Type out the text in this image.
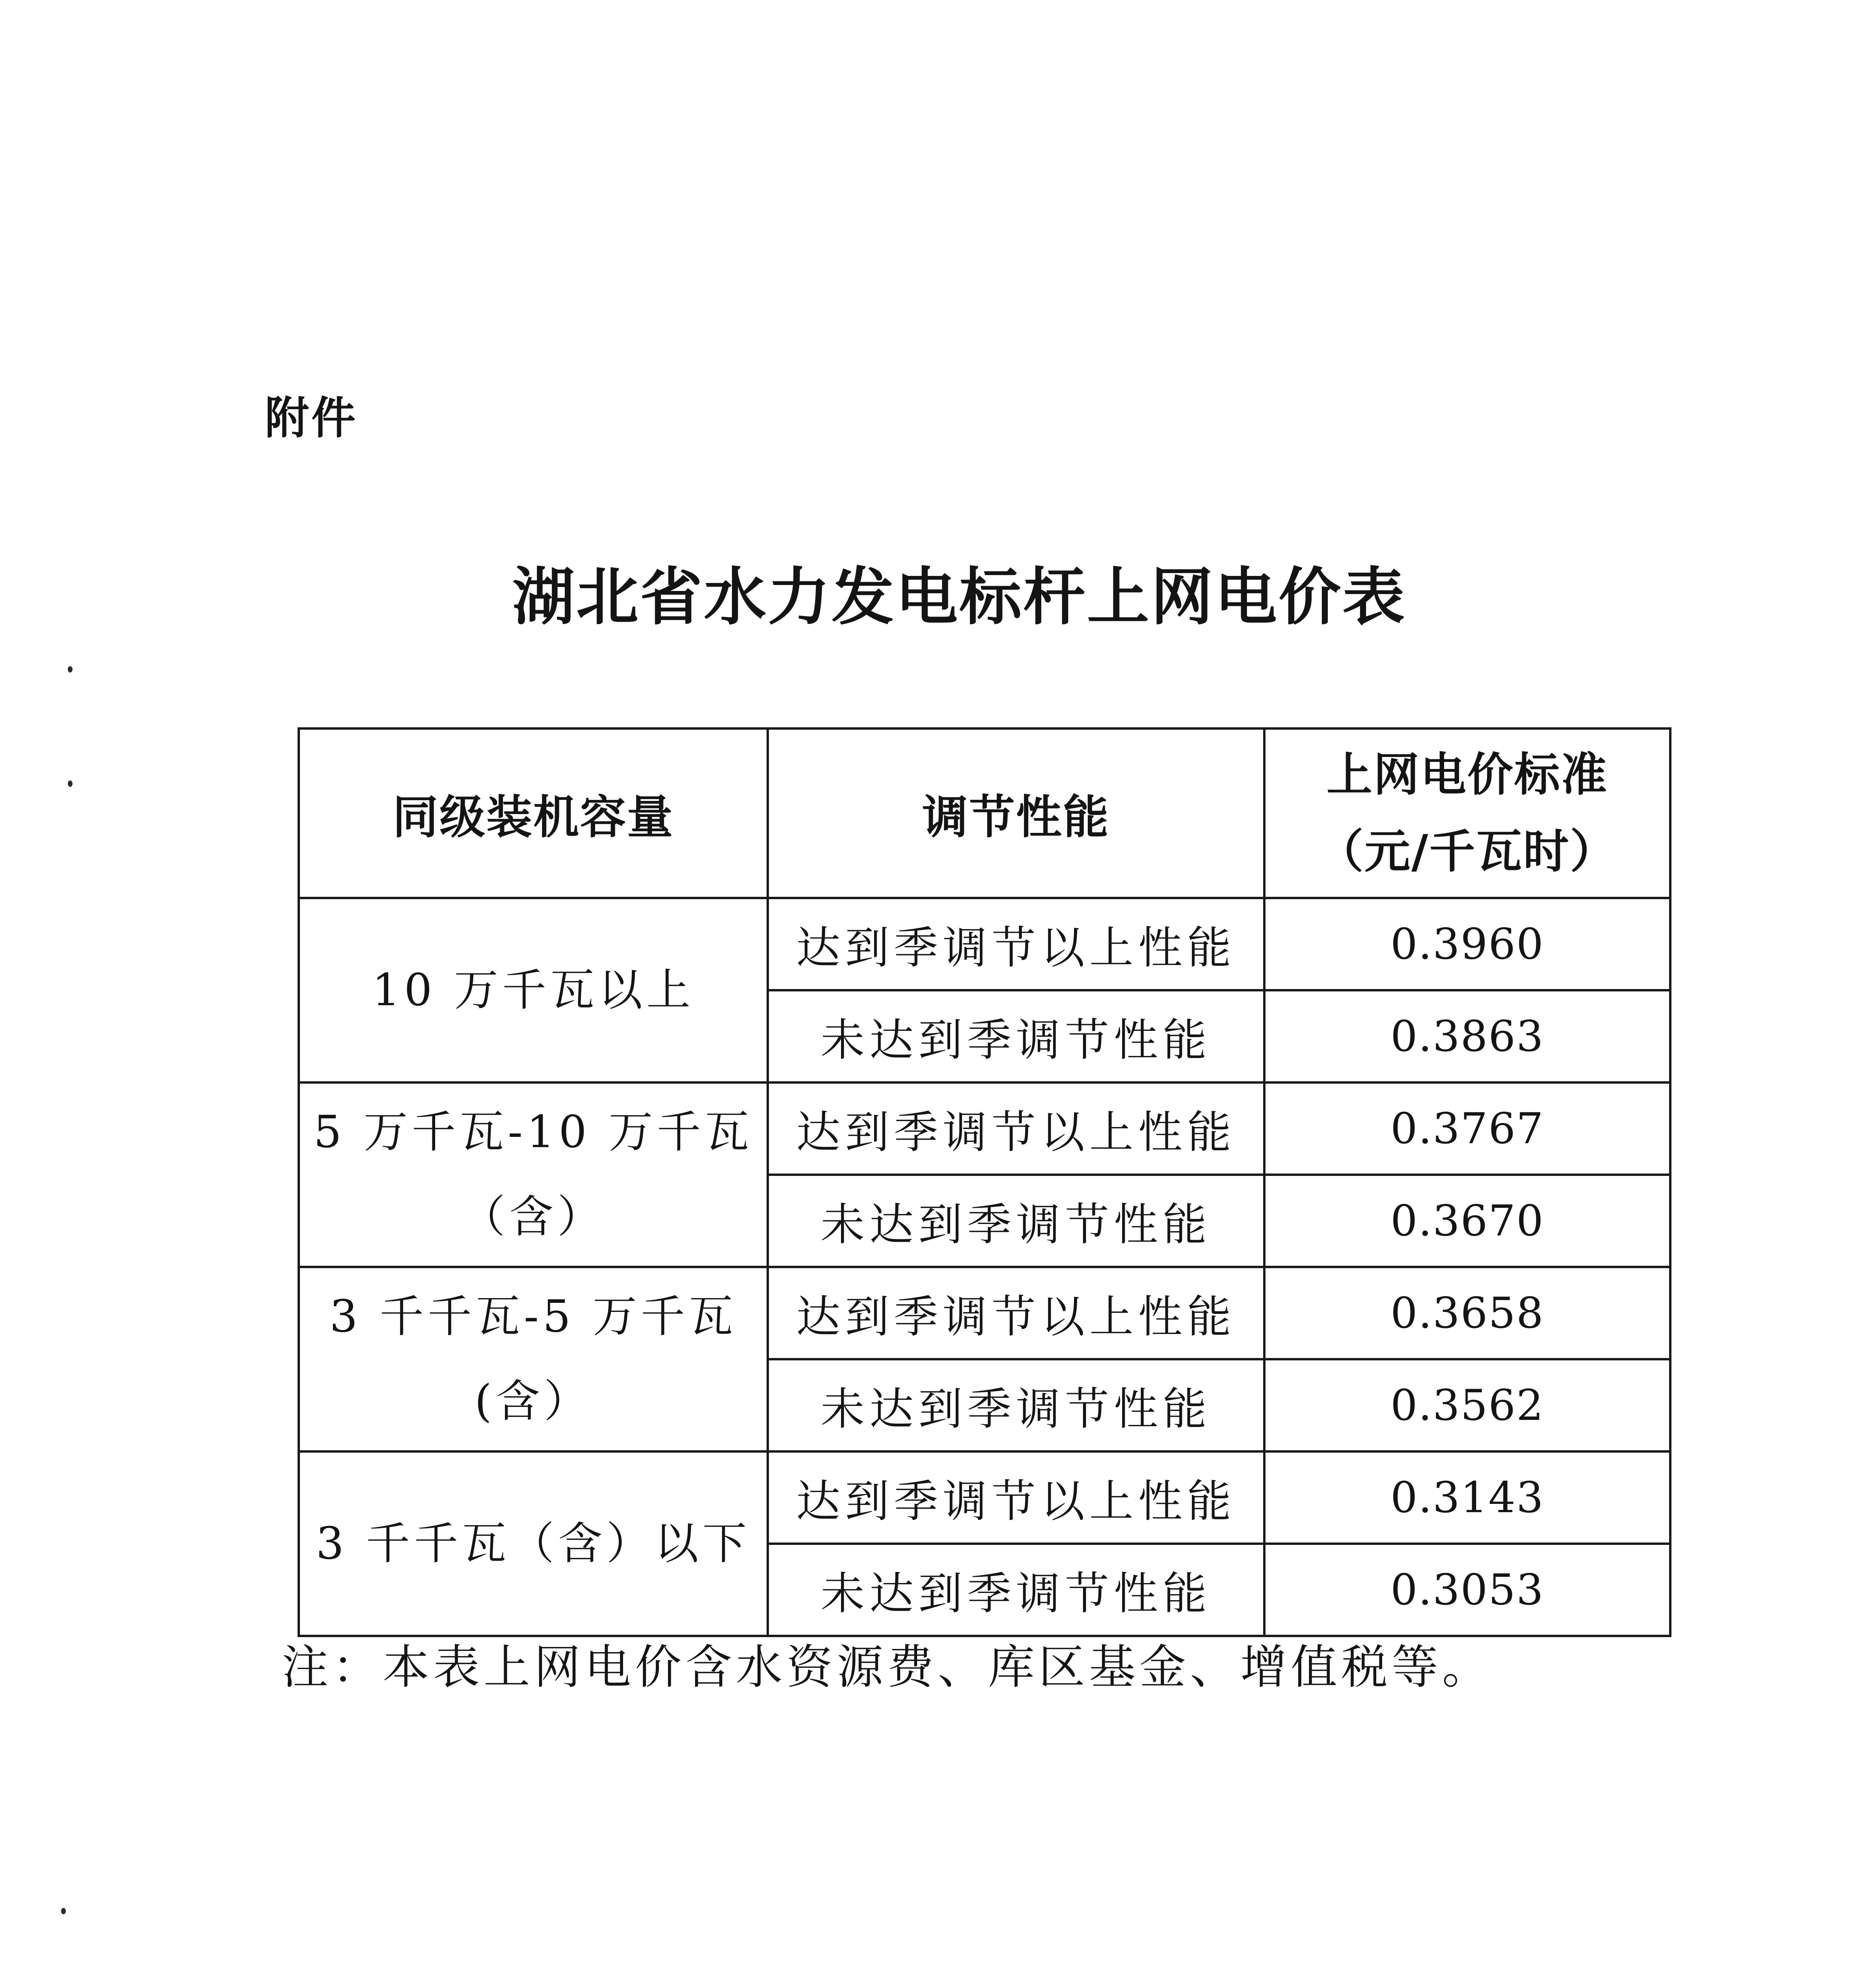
附件
湖北省水力发电标杆上网电价表
同级装机容量	调节性能	上网电价标准
（元/千瓦时）

10 万千瓦以上	达到季调节以上性能	0.3960
	未达到季调节性能	0.3863

5 万千瓦-10 万千瓦
（含）	达到季调节以上性能	0.3767
	未达到季调节性能	0.3670

3 千千瓦-5 万千瓦
(含）	达到季调节以上性能	0.3658
	未达到季调节性能	0.3562
3 千千瓦（含）以下	达到季调节以上性能	0.3143
	未达到季调节性能	0.3053
注：本表上网电价含水资源费、库区基金、增值税等。
